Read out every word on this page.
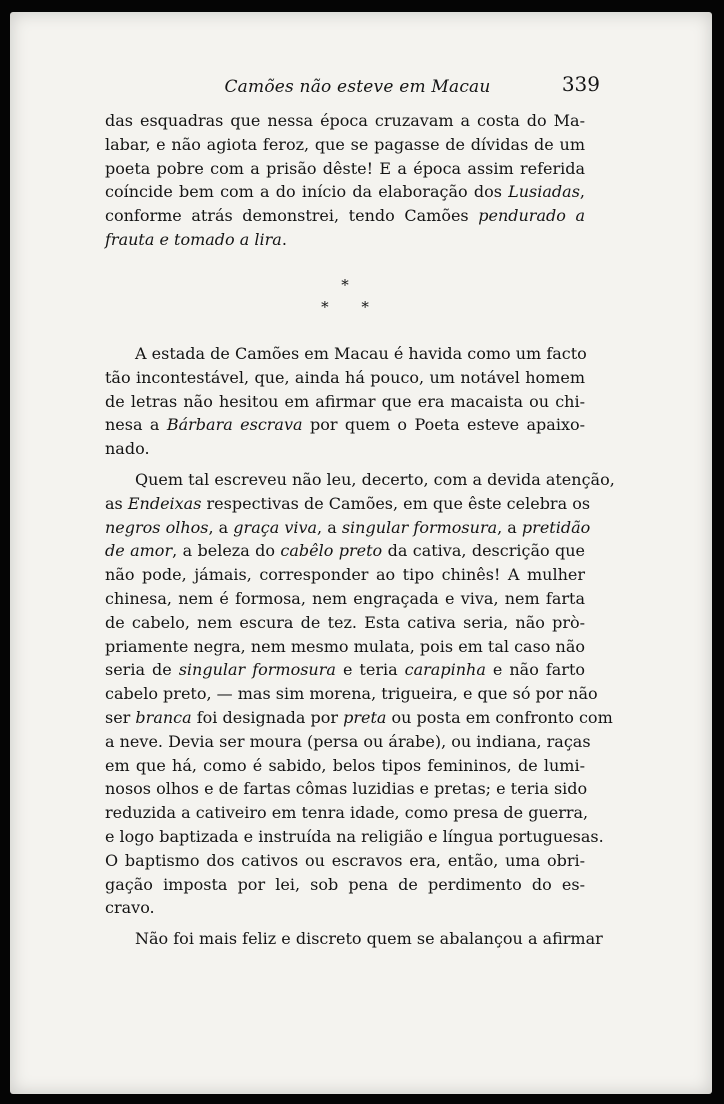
Camões não esteve em Macau	339
das esquadras que nessa época cruzavam a costa do Ma-
labar, e não agiota feroz, que se pagasse de dívidas de um
poeta pobre com a prisão dêste! E a época assim referida
coíncide bem com a do início da elaboração dos Lusiadas,
conforme atrás demonstrei, tendo Camões pendurado a
frauta e tomado a lira.
*
* *
A estada de Camões em Macau é havida como um facto
tão incontestável, que, ainda há pouco, um notável homem
de letras não hesitou em afirmar que era macaista ou chi-
nesa a Bárbara escrava por quem o Poeta esteve apaixo-
nado.
Quem tal escreveu não leu, decerto, com a devida atenção,
as Endeixas respectivas de Camões, em que êste celebra os
negros olhos, a graça viva, a singular formosura, a pretidão
de amor, a beleza do cabêlo preto da cativa, descrição que
não pode, jámais, corresponder ao tipo chinês! A mulher
chinesa, nem é formosa, nem engraçada e viva, nem farta
de cabelo, nem escura de tez. Esta cativa seria, não prò-
priamente negra, nem mesmo mulata, pois em tal caso não
seria de singular formosura e teria carapinha e não farto
cabelo preto, — mas sim morena, trigueira, e que só por não
ser branca foi designada por preta ou posta em confronto com
a neve. Devia ser moura (persa ou árabe), ou indiana, raças
em que há, como é sabido, belos tipos femininos, de lumi-
nosos olhos e de fartas cômas luzidias e pretas; e teria sido
reduzida a cativeiro em tenra idade, como presa de guerra,
e logo baptizada e instruída na religião e língua portuguesas.
O baptismo dos cativos ou escravos era, então, uma obri-
gação imposta por lei, sob pena de perdimento do es-
cravo.
Não foi mais feliz e discreto quem se abalançou a afirmar
